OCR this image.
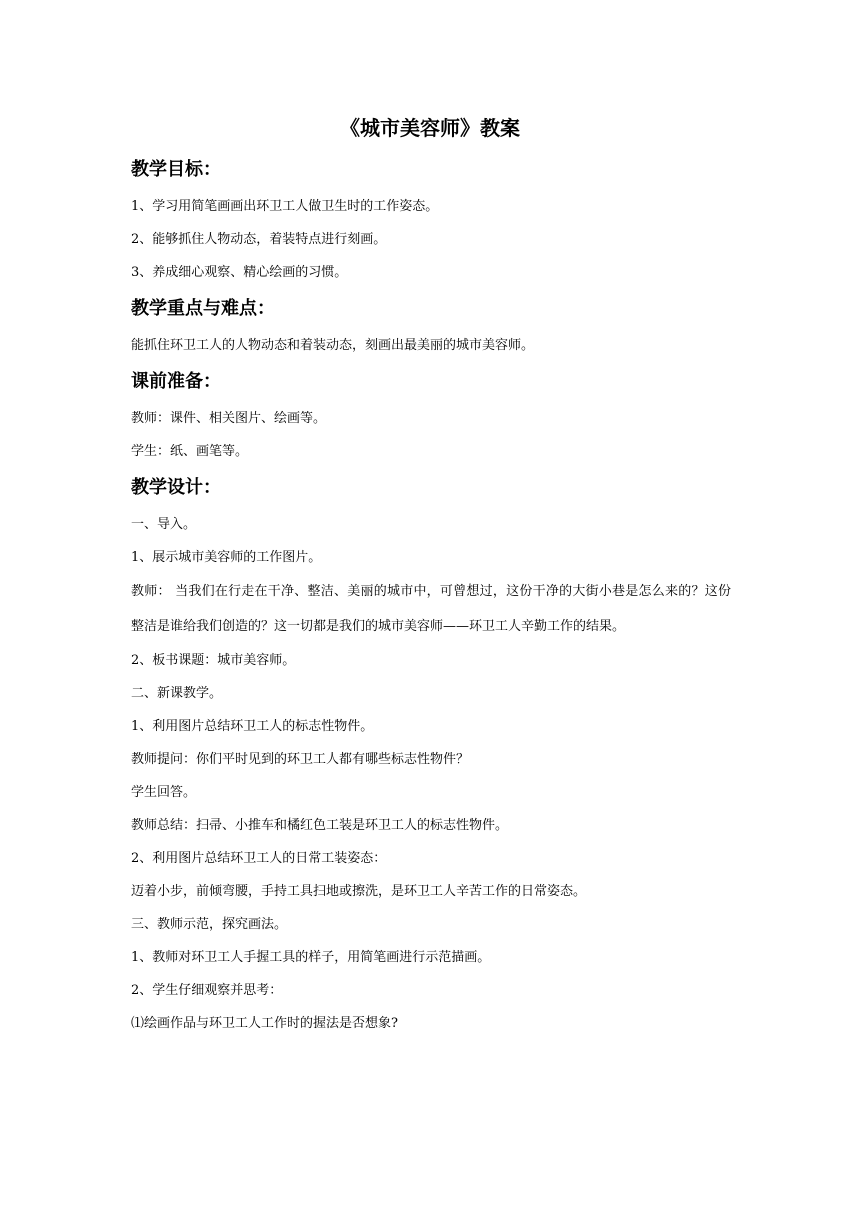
《城市美容师》教案
教学目标：

1、学习用简笔画画出环卫工人做卫生时的工作姿态。

2、能够抓住人物动态，着装特点进行刻画。

3、养成细心观察、精心绘画的习惯。

教学重点与难点：

能抓住环卫工人的人物动态和着装动态，刻画出最美丽的城市美容师。

课前准备：

教师：课件、相关图片、绘画等。

学生：纸、画笔等。

教学设计：

一、导入。

1、展示城市美容师的工作图片。

教师： 当我们在行走在干净、整洁、美丽的城市中，可曾想过，这份干净的大街小巷是怎么来的？这份整洁是谁给我们创造的？这一切都是我们的城市美容师——环卫工人辛勤工作的结果。

2、板书课题：城市美容师。

二、新课教学。

1、利用图片总结环卫工人的标志性物件。

教师提问：你们平时见到的环卫工人都有哪些标志性物件？

学生回答。

教师总结：扫帚、小推车和橘红色工装是环卫工人的标志性物件。

2、利用图片总结环卫工人的日常工装姿态：

迈着小步，前倾弯腰，手持工具扫地或擦洗，是环卫工人辛苦工作的日常姿态。

三、教师示范，探究画法。

1、教师对环卫工人手握工具的样子，用简笔画进行示范描画。

2、学生仔细观察并思考：

⑴绘画作品与环卫工人工作时的握法是否想象?
